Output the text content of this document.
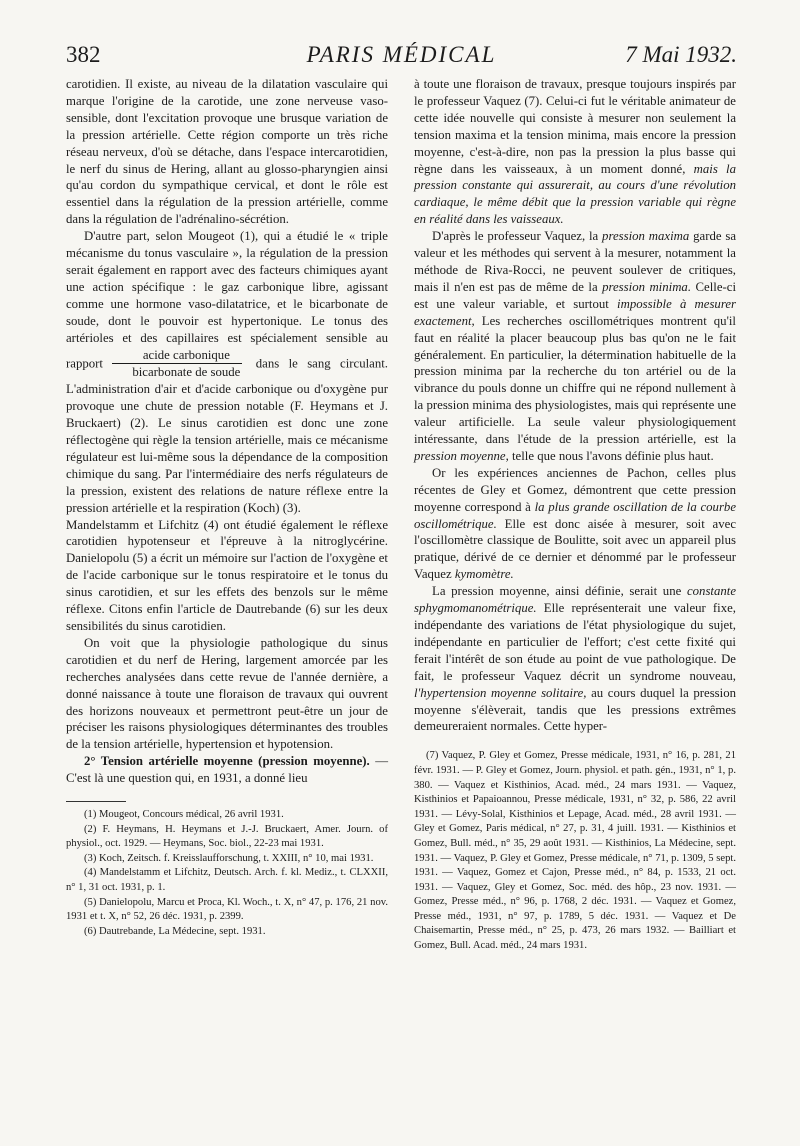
382	PARIS MÉDICAL	7 Mai 1932.

carotidien. Il existe, au niveau de la dilatation vasculaire qui marque l'origine de la carotide, une zone nerveuse vaso-sensible, dont l'excitation provoque une brusque variation de la pression artérielle. Cette région comporte un très riche réseau nerveux, d'où se détache, dans l'espace intercarotidien, le nerf du sinus de Hering, allant au glosso-pharyngien ainsi qu'au cordon du sympathique cervical, et dont le rôle est essentiel dans la régulation de la pression artérielle, comme dans la régulation de l'adrénalino-sécrétion.

D'autre part, selon Mougeot (1), qui a étudié le « triple mécanisme du tonus vasculaire », la régulation de la pression serait également en rapport avec des facteurs chimiques ayant une action spécifique : le gaz carbonique libre, agissant comme une hormone vaso-dilatatrice, et le bicarbonate de soude, dont le pouvoir est hypertonique. Le tonus des artérioles et des capillaires est spécialement sensible au rapport $\frac{\text{acide carbonique}}{\text{bicarbonate de soude}}$ dans le sang circulant. L'administration d'air et d'acide carbonique ou d'oxygène pur provoque une chute de pression notable (F. Heymans et J. Bruckaert) (2). Le sinus carotidien est donc une zone réflectogène qui règle la tension artérielle, mais ce mécanisme régulateur est lui-même sous la dépendance de la composition chimique du sang. Par l'intermédiaire des nerfs régulateurs de la pression, existent des relations de nature réflexe entre la pression artérielle et la respiration (Koch) (3).

Mandelstamm et Lifchitz (4) ont étudié également le réflexe carotidien hypotenseur et l'épreuve à la nitroglycérine. Danielopolu (5) a écrit un mémoire sur l'action de l'oxygène et de l'acide carbonique sur le tonus respiratoire et le tonus du sinus carotidien, et sur les effets des benzols sur le même réflexe. Citons enfin l'article de Dautrebande (6) sur les deux sensibilités du sinus carotidien.

On voit que la physiologie pathologique du sinus carotidien et du nerf de Hering, largement amorcée par les recherches analysées dans cette revue de l'année dernière, a donné naissance à toute une floraison de travaux qui ouvrent des horizons nouveaux et permettront peut-être un jour de préciser les raisons physiologiques déterminantes des troubles de la tension artérielle, hypertension et hypotension.

2° Tension artérielle moyenne (pression moyenne). — C'est là une question qui, en 1931, a donné lieu

(1) Mougeot, Concours médical, 26 avril 1931.

(2) F. Heymans, H. Heymans et J.-J. Bruckaert, Amer. Journ. of physiol., oct. 1929. — Heymans, Soc. biol., 22-23 mai 1931.

(3) Koch, Zeitsch. f. Kreisslaufforschung, t. XXIII, n° 10, mai 1931.

(4) Mandelstamm et Lifchitz, Deutsch. Arch. f. kl. Mediz., t. CLXXII, n° 1, 31 oct. 1931, p. 1.

(5) Danielopolu, Marcu et Proca, Kl. Woch., t. X, n° 47, p. 176, 21 nov. 1931 et t. X, n° 52, 26 déc. 1931, p. 2399.

(6) Dautrebande, La Médecine, sept. 1931.

à toute une floraison de travaux, presque toujours inspirés par le professeur Vaquez (7). Celui-ci fut le véritable animateur de cette idée nouvelle qui consiste à mesurer non seulement la tension maxima et la tension minima, mais encore la pression moyenne, c'est-à-dire, non pas la pression la plus basse qui règne dans les vaisseaux, à un moment donné, mais la pression constante qui assurerait, au cours d'une révolution cardiaque, le même débit que la pression variable qui règne en réalité dans les vaisseaux.

D'après le professeur Vaquez, la pression maxima garde sa valeur et les méthodes qui servent à la mesurer, notamment la méthode de Riva-Rocci, ne peuvent soulever de critiques, mais il n'en est pas de même de la pression minima. Celle-ci est une valeur variable, et surtout impossible à mesurer exactement, Les recherches oscillométriques montrent qu'il faut en réalité la placer beaucoup plus bas qu'on ne le fait généralement. En particulier, la détermination habituelle de la pression minima par la recherche du ton artériel ou de la vibrance du pouls donne un chiffre qui ne répond nullement à la pression minima des physiologistes, mais qui représente une valeur artificielle. La seule valeur physiologiquement intéressante, dans l'étude de la pression artérielle, est la pression moyenne, telle que nous l'avons définie plus haut.

Or les expériences anciennes de Pachon, celles plus récentes de Gley et Gomez, démontrent que cette pression moyenne correspond à la plus grande oscillation de la courbe oscillométrique. Elle est donc aisée à mesurer, soit avec l'oscillomètre classique de Boulitte, soit avec un appareil plus pratique, dérivé de ce dernier et dénommé par le professeur Vaquez kymomètre.

La pression moyenne, ainsi définie, serait une constante sphygmomanométrique. Elle représenterait une valeur fixe, indépendante des variations de l'état physiologique du sujet, indépendante en particulier de l'effort; c'est cette fixité qui ferait l'intérêt de son étude au point de vue pathologique. De fait, le professeur Vaquez décrit un syndrome nouveau, l'hypertension moyenne solitaire, au cours duquel la pression moyenne s'élèverait, tandis que les pressions extrêmes demeureraient normales. Cette hyper-

(7) Vaquez, P. Gley et Gomez, Presse médicale, 1931, n° 16, p. 281, 21 févr. 1931. — P. Gley et Gomez, Journ. physiol. et path. gén., 1931, n° 1, p. 380. — Vaquez et Kisthinios, Acad. méd., 24 mars 1931. — Vaquez, Kisthinios et Papaioannou, Presse médicale, 1931, n° 32, p. 586, 22 avril 1931. — Lévy-Solal, Kisthinios et Lepage, Acad. méd., 28 avril 1931. — Gley et Gomez, Paris médical, n° 27, p. 31, 4 juill. 1931. — Kisthinios et Gomez, Bull. méd., n° 35, 29 août 1931. — Kisthinios, La Médecine, sept. 1931. — Vaquez, P. Gley et Gomez, Presse médicale, n° 71, p. 1309, 5 sept. 1931. — Vaquez, Gomez et Cajon, Presse méd., n° 84, p. 1533, 21 oct. 1931. — Vaquez, Gley et Gomez, Soc. méd. des hôp., 23 nov. 1931. — Gomez, Presse méd., n° 96, p. 1768, 2 déc. 1931. — Vaquez et Gomez, Presse méd., 1931, n° 97, p. 1789, 5 déc. 1931. — Vaquez et De Chaisemartin, Presse méd., n° 25, p. 473, 26 mars 1932. — Bailliart et Gomez, Bull. Acad. méd., 24 mars 1931.
